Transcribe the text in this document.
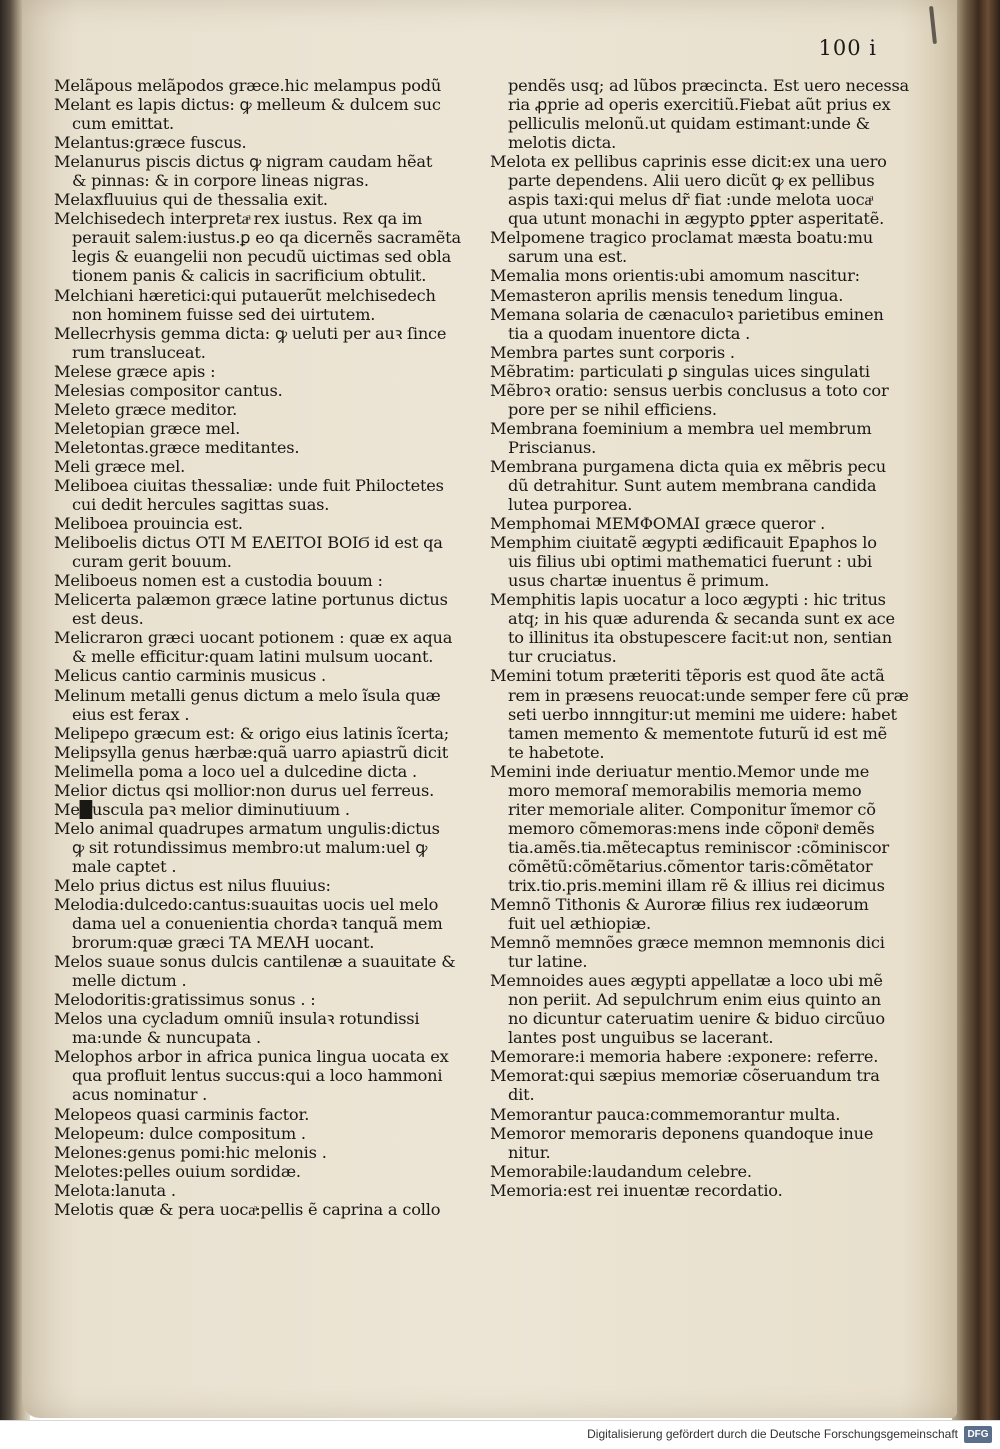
100 i
Melãpous melãpodos græce.hic melampus podũ
Melant es lapis dictus: ꝙ melleum & dulcem suc
cum emittat.
Melantus:græce fuscus.
Melanurus piscis dictus ꝙ nigram caudam hẽat
& pinnas: & in corpore lineas nigras.
Melaxfluuius qui de thessalia exit.
Melchisedech interpretaͣ rex iustus. Rex qa im
perauit salem:iustus.ꝑ eo qa dicernẽs sacramẽta
legis & euangelii non pecudũ uictimas sed obla
tionem panis & calicis in sacrificium obtulit.
Melchiani hæretici:qui putauerũt melchisedech
non hominem fuisse sed dei uirtutem.
Mellecrhysis gemma dicta: ꝙ ueluti per auꝛ ſince
rum transluceat.
Melese græce apis :
Melesias compositor cantus.
Meleto græce meditor.
Meletopian græce mel.
Meletontas.græce meditantes.
Meli græce mel.
Meliboea ciuitas thessaliæ: unde fuit Philoctetes
cui dedit hercules sagittas suas.
Meliboea prouincia est.
Meliboelis dictus ΟΤΙ Μ ΕΛΕΙΤΟΙ ΒΟΙϬ id est qa
curam gerit bouum.
Meliboeus nomen est a custodia bouum :
Melicerta palæmon græce latine portunus dictus
est deus.
Melicraron græci uocant potionem : quæ ex aqua
& melle efficitur:quam latini mulsum uocant.
Melicus cantio carminis musicus .
Melinum metalli genus dictum a melo ĩsula quæ
eius est ferax .
Melipepo græcum est: & origo eius latinis ĩcerta;
Melipsylla genus hærbæ:quã uarro apiastrũ dicit
Melimella poma a loco uel a dulcedine dicta .
Melior dictus qsi mollior:non durus uel ferreus.
Me█uscula paꝛ melior diminutiuum .
Melo animal quadrupes armatum ungulis:dictus
ꝙ sit rotundissimus membro:ut malum:uel ꝙ
male captet .
Melo prius dictus est nilus fluuius:
Melodia:dulcedo:cantus:suauitas uocis uel melo
dama uel a conuenientia chordaꝛ tanquã mem
brorum:quæ græci ΤΑ ΜΕΛΗ uocant.
Melos suaue sonus dulcis cantilenæ a suauitate &
melle dictum .
Melodoritis:gratissimus sonus . :
Melos una cycladum omniũ insulaꝛ rotundissi
ma:unde & nuncupata .
Melophos arbor in africa punica lingua uocata ex
qua profluit lentus succus:qui a loco hammoni
acus nominatur .
Melopeos quasi carminis factor.
Melopeum: dulce compositum .
Melones:genus pomi:hic melonis .
Melotes:pelles ouium sordidæ.
Melota:lanuta .
Melotis quæ & pera uocaͣ:pellis ẽ caprina a collo
pendẽs usq; ad lũbos præcincta. Est uero necessa
ria ꝓprie ad operis exercitiũ.Fiebat aũt prius ex
pelliculis melonũ.ut quidam estimant:unde &
melotis dicta.
Melota ex pellibus caprinis esse dicit:ex una uero
parte dependens. Alii uero dicũt ꝙ ex pellibus
aspis taxi:qui melus dr̃ fiat :unde melota uocaͣ
qua utunt monachi in ægypto ꝑpter asperitatẽ.
Melpomene tragico proclamat mæsta boatu:mu
sarum una est.
Memalia mons orientis:ubi amomum nascitur:
Memasteron aprilis mensis tenedum lingua.
Memana solaria de cænaculoꝛ parietibus eminen
tia a quodam inuentore dicta .
Membra partes sunt corporis .
Mẽbratim: particulati ꝑ singulas uices singulati
Mẽbroꝛ oratio: sensus uerbis conclusus a toto cor
pore per se nihil efficiens.
Membrana foeminium a membra uel membrum
Priscianus.
Membrana purgamena dicta quia ex mẽbris pecu
dũ detrahitur. Sunt autem membrana candida
lutea purporea.
Memphomai ΜΕΜΦΟΜΑΙ græce queror .
Memphim ciuitatẽ ægypti ædificauit Epaphos lo
uis filius ubi optimi mathematici fuerunt : ubi
usus chartæ inuentus ẽ primum.
Memphitis lapis uocatur a loco ægypti : hic tritus
atq; in his quæ adurenda & secanda sunt ex ace
to illinitus ita obstupescere facit:ut non, sentian
tur cruciatus.
Memini totum præteriti tẽporis est quod ãte actã
rem in præsens reuocat:unde semper fere cũ præ
seti uerbo innngitur:ut memini me uidere: habet
tamen memento & mementote futurũ id est mẽ
te habetote.
Memini inde deriuatur mentio.Memor unde me
moro memoraſ memorabilis memoria memo
riter memoriale aliter. Componitur ĩmemor cõ
memoro cõmemoras:mens inde cõponiͭ demẽs
tia.amẽs.tia.mẽtecaptus reminiscor :cõminiscor
cõmẽtũ:cõmẽtarius.cõmentor taris:cõmẽtator
trix.tio.pris.memini illam rẽ & illius rei dicimus
Memnõ Tithonis & Auroræ filius rex iudæorum
fuit uel æthiopiæ.
Memnõ memnões græce memnon memnonis dici
tur latine.
Memnoides aues ægypti appellatæ a loco ubi mẽ
non periit. Ad sepulchrum enim eius quinto an
no dicuntur cateruatim uenire & biduo circũuo
lantes post unguibus se lacerant.
Memorare:i memoria habere :exponere: referre.
Memorat:qui sæpius memoriæ cõseruandum tra
dit.
Memorantur pauca:commemorantur multa.
Memoror memoraris deponens quandoque inue
nitur.
Memorabile:laudandum celebre.
Memoria:est rei inuentæ recordatio.
Digitalisierung gefördert durch die Deutsche Forschungsgemeinschaft DFG
